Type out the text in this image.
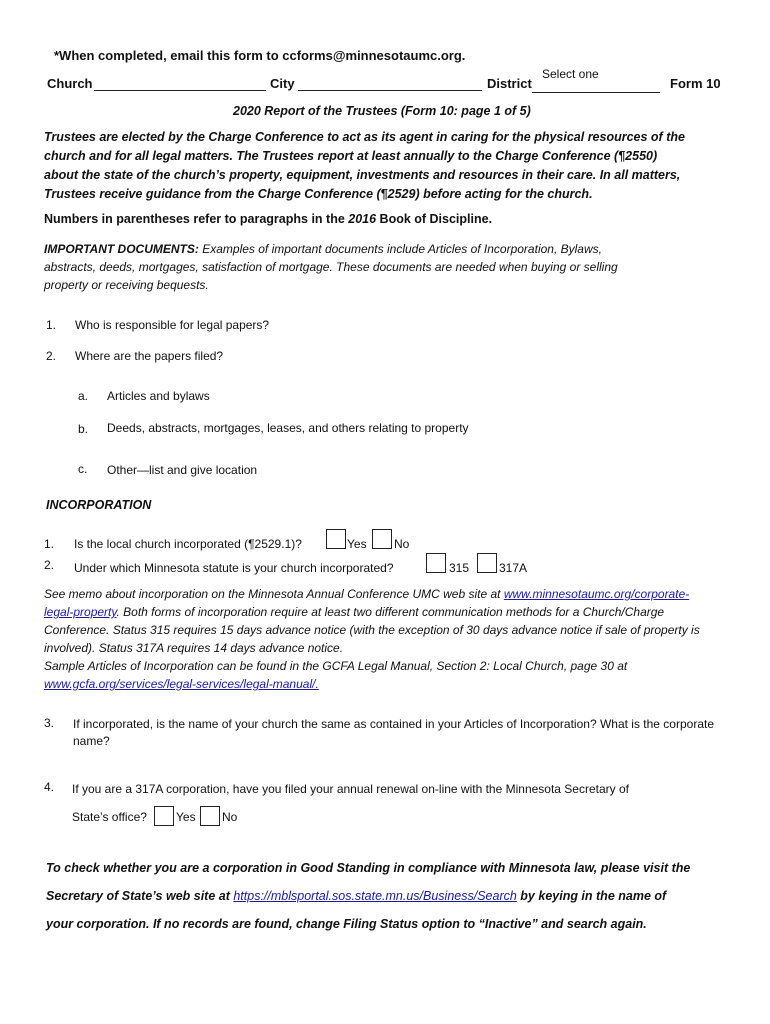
*When completed, email this form to ccforms@minnesotaumc.org.
Church	City	District
Select one
Form 10
2020 Report of the Trustees (Form 10: page 1 of 5)
Trustees are elected by the Charge Conference to act as its agent in caring for the physical resources of the church and for all legal matters. The Trustees report at least annually to the Charge Conference (¶2550) about the state of the church’s property, equipment, investments and resources in their care. In all matters, Trustees receive guidance from the Charge Conference (¶2529) before acting for the church.
Numbers in parentheses refer to paragraphs in the 2016 Book of Discipline.
IMPORTANT DOCUMENTS: Examples of important documents include Articles of Incorporation, Bylaws, abstracts, deeds, mortgages, satisfaction of mortgage. These documents are needed when buying or selling property or receiving bequests.
1. Who is responsible for legal papers?
2. Where are the papers filed?
a. Articles and bylaws
b. Deeds, abstracts, mortgages, leases, and others relating to property
c. Other—list and give location
INCORPORATION
1. Is the local church incorporated (¶2529.1)?	Yes No
2. Under which Minnesota statute is your church incorporated?	315 317A
See memo about incorporation on the Minnesota Annual Conference UMC web site at www.minnesotaumc.org/corporate-legal-property. Both forms of incorporation require at least two different communication methods for a Church/Charge Conference. Status 315 requires 15 days advance notice (with the exception of 30 days advance notice if sale of property is involved). Status 317A requires 14 days advance notice.
Sample Articles of Incorporation can be found in the GCFA Legal Manual, Section 2: Local Church, page 30 at www.gcfa.org/services/legal-services/legal-manual/.
3. If incorporated, is the name of your church the same as contained in your Articles of Incorporation? What is the corporate name?
4. If you are a 317A corporation, have you filed your annual renewal on-line with the Minnesota Secretary of
State’s office? Yes No
To check whether you are a corporation in Good Standing in compliance with Minnesota law, please visit the
Secretary of State’s web site at https://mblsportal.sos.state.mn.us/Business/Search by keying in the name of
your corporation. If no records are found, change Filing Status option to “Inactive” and search again.
